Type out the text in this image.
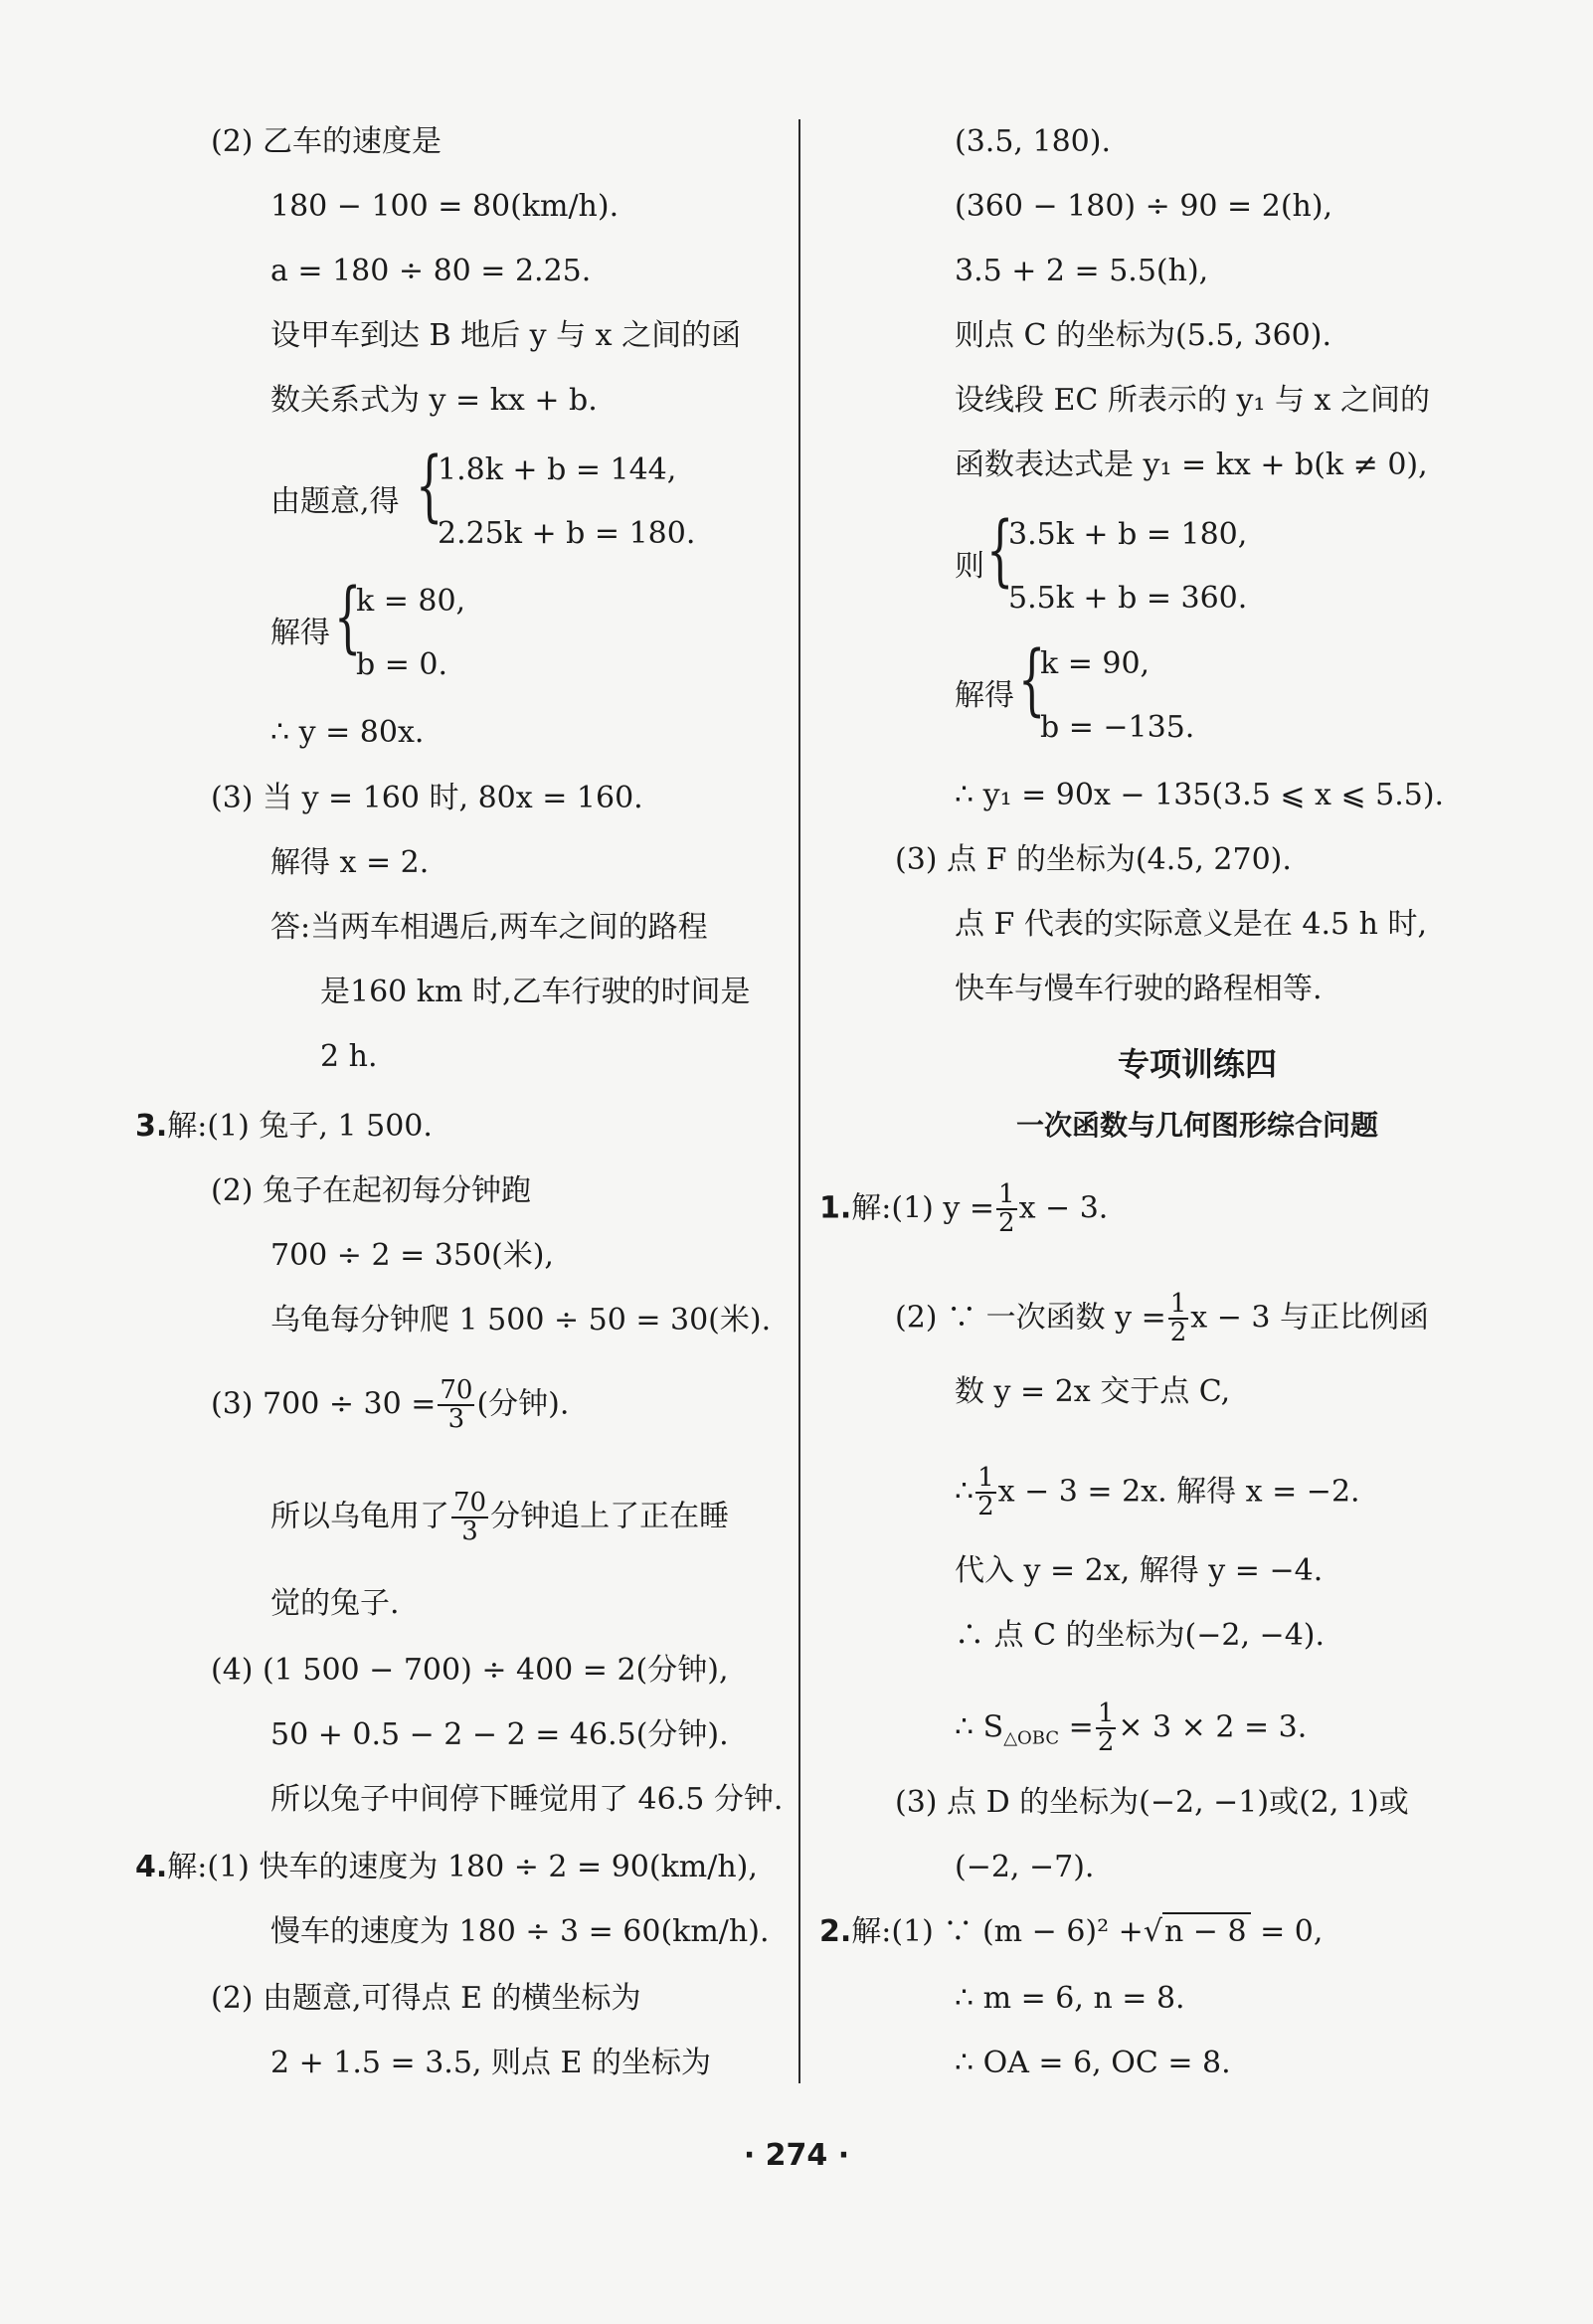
(2) 乙车的速度是
180 − 100 = 80(km/h).
a = 180 ÷ 80 = 2.25.
设甲车到达 B 地后 y 与 x 之间的函
数关系式为 y = kx + b.
由题意,得 {
1.8k + b = 144,
2.25k + b = 180.
解得 {
k = 80,
b = 0.
∴ y = 80x.
(3) 当 y = 160 时, 80x = 160.
解得 x = 2.
答:当两车相遇后,两车之间的路程
是160 km 时,乙车行驶的时间是
2 h.
3.解:(1) 兔子, 1 500.
(2) 兔子在起初每分钟跑
700 ÷ 2 = 350(米),
乌龟每分钟爬 1 500 ÷ 50 = 30(米).
(3) $700 \div 30 = \frac{70}{3}$ (分钟).
所以乌龟用了 $\frac{70}{3}$ 分钟追上了正在睡
觉的兔子.
(4) (1 500 − 700) ÷ 400 = 2(分钟),
50 + 0.5 − 2 − 2 = 46.5(分钟).
所以兔子中间停下睡觉用了 46.5 分钟.
4.解:(1) 快车的速度为 180 ÷ 2 = 90(km/h),
慢车的速度为 180 ÷ 3 = 60(km/h).
(2) 由题意,可得点 E 的横坐标为
2 + 1.5 = 3.5, 则点 E 的坐标为
(3.5, 180).
(360 − 180) ÷ 90 = 2(h),
3.5 + 2 = 5.5(h),
则点 C 的坐标为(5.5, 360).
设线段 EC 所表示的 y₁ 与 x 之间的
函数表达式是 y₁ = kx + b(k ≠ 0),
则 {
3.5k + b = 180,
5.5k + b = 360.
解得 {
k = 90,
b = −135.
∴ y₁ = 90x − 135(3.5 ⩽ x ⩽ 5.5).
(3) 点 F 的坐标为(4.5, 270).
点 F 代表的实际意义是在 4.5 h 时,
快车与慢车行驶的路程相等.
专项训练四
一次函数与几何图形综合问题
1.解:(1) $y = \frac{1}{2}$ x − 3.
(2) ∵ 一次函数 $y = \frac{1}{2}$ x − 3 与正比例函
数 y = 2x 交于点 C,
∴ $\frac{1}{2}$ x − 3 = 2x. 解得 x = −2.
代入 y = 2x, 解得 y = −4.
∴ 点 C 的坐标为(−2, −4).
∴ $S_{\triangle OBC} = \frac{1}{2} \times 3 \times 2 = 3$.
(3) 点 D 的坐标为(−2, −1)或(2, 1)或
(−2, −7).
2.解:(1) ∵ (m − 6)² +√n − 8 = 0,
∴ m = 6, n = 8.
∴ OA = 6, OC = 8.
· 274 ·
